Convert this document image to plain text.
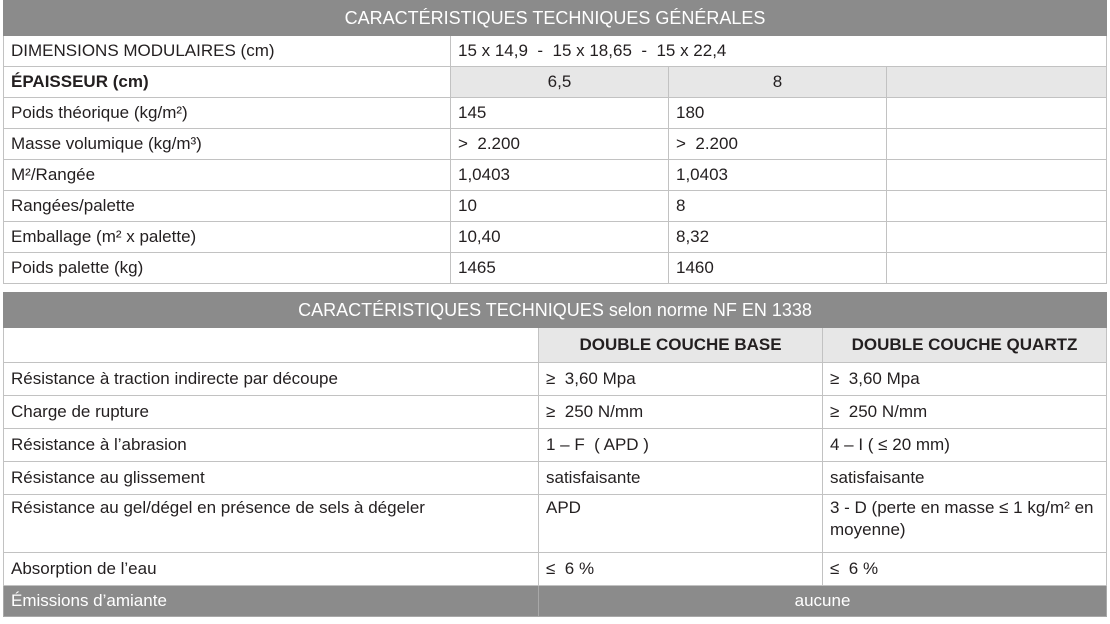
CARACTÉRISTIQUES TECHNIQUES GÉNÉRALES			
DIMENSIONS MODULAIRES (cm)	15 x 14,9  -  15 x 18,65  -  15 x 22,4		
ÉPAISSEUR (cm)	6,5	8	
Poids théorique (kg/m²)	145	180	
Masse volumique (kg/m³)	>  2.200	>  2.200	
M²/Rangée	1,0403	1,0403	
Rangées/palette	10	8	
Emballage (m² x palette)	10,40	8,32	
Poids palette (kg)	1465	1460	
CARACTÉRISTIQUES TECHNIQUES selon norme NF EN 1338		
	DOUBLE COUCHE BASE	DOUBLE COUCHE QUARTZ
Résistance à traction indirecte par découpe	≥  3,60 Mpa	≥  3,60 Mpa
Charge de rupture	≥  250 N/mm	≥  250 N/mm
Résistance à l’abrasion	1 – F  ( APD )	4 – I ( ≤ 20 mm)
Résistance au glissement	satisfaisante	satisfaisante
Résistance au gel/dégel en présence de sels à dégeler	APD	3 - D (perte en masse ≤ 1 kg/m² en moyenne)
Absorption de l’eau	≤  6 %	≤  6 %
Émissions d’amiante	aucune	
